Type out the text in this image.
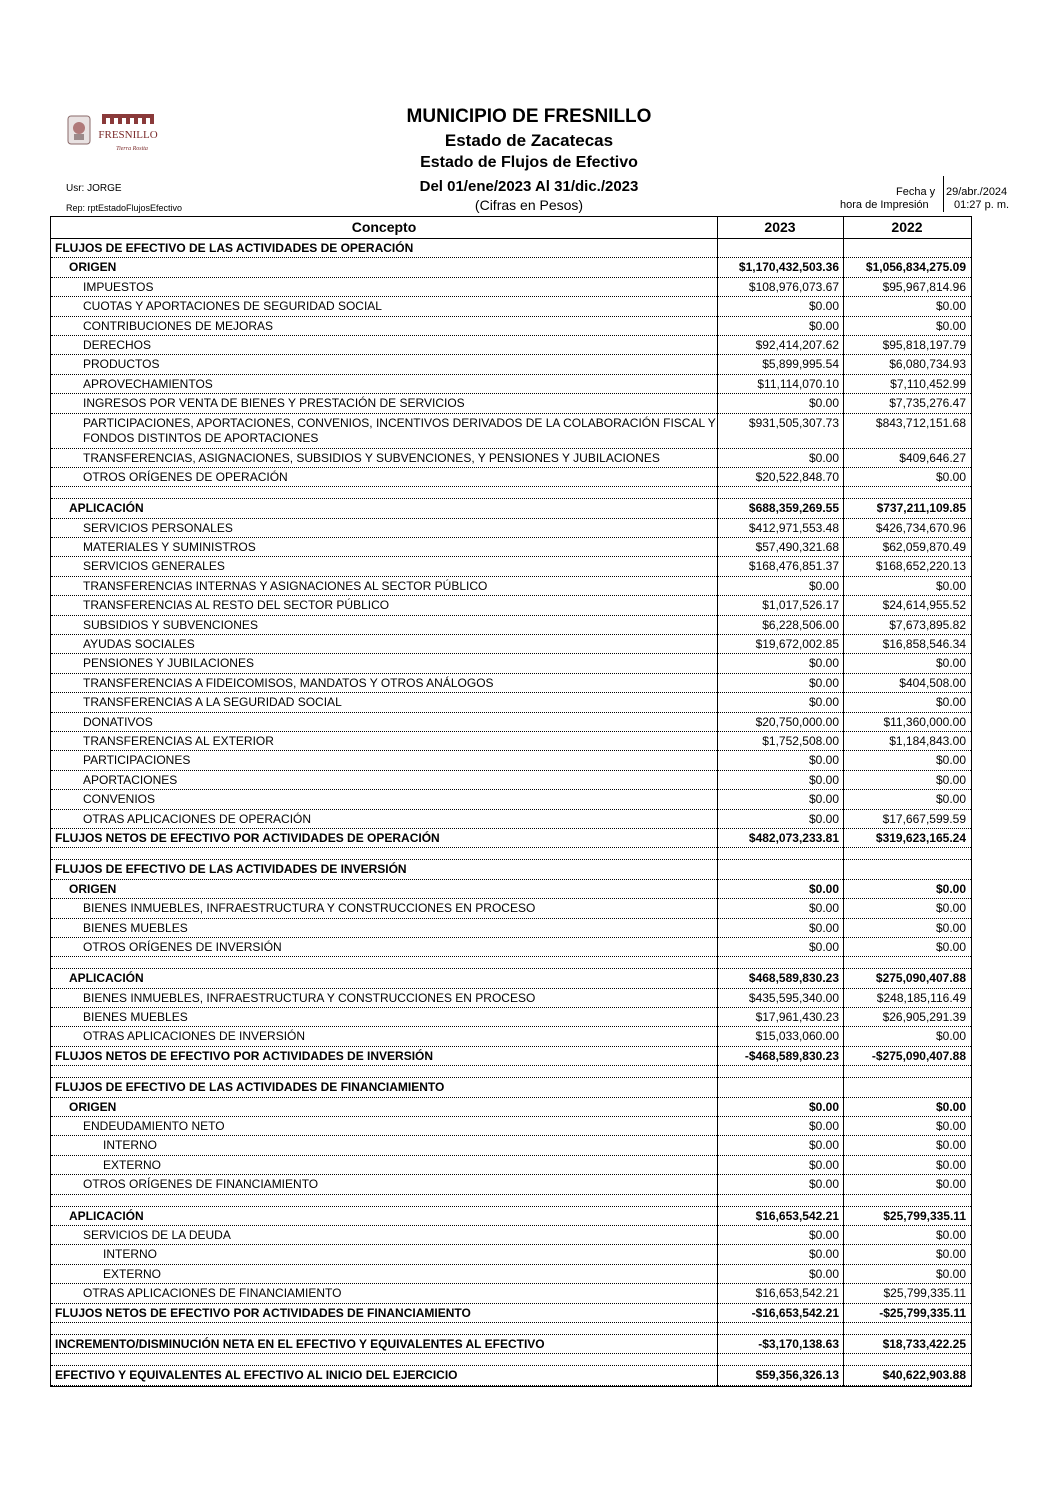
FRESNILLO
Tierra Rosita
MUNICIPIO DE FRESNILLO
Estado de Zacatecas
Estado de Flujos de Efectivo
Del 01/ene/2023 Al 31/dic./2023
(Cifras en Pesos)
Usr: JORGE
Rep: rptEstadoFlujosEfectivo
Fecha y
hora de Impresión
29/abr./2024
01:27 p. m.
Concepto	2023	2022
FLUJOS DE EFECTIVO DE LAS ACTIVIDADES DE OPERACIÓN
ORIGEN	$1,170,432,503.36	$1,056,834,275.09
IMPUESTOS	$108,976,073.67	$95,967,814.96
CUOTAS Y APORTACIONES DE SEGURIDAD SOCIAL	$0.00	$0.00
CONTRIBUCIONES DE MEJORAS	$0.00	$0.00
DERECHOS	$92,414,207.62	$95,818,197.79
PRODUCTOS	$5,899,995.54	$6,080,734.93
APROVECHAMIENTOS	$11,114,070.10	$7,110,452.99
INGRESOS POR VENTA DE BIENES Y PRESTACIÓN DE SERVICIOS	$0.00	$7,735,276.47
PARTICIPACIONES, APORTACIONES, CONVENIOS, INCENTIVOS DERIVADOS DE LA COLABORACIÓN FISCAL Y FONDOS DISTINTOS DE APORTACIONES
$931,505,307.73	$843,712,151.68
TRANSFERENCIAS, ASIGNACIONES, SUBSIDIOS Y SUBVENCIONES, Y PENSIONES Y JUBILACIONES	$0.00	$409,646.27
OTROS ORÍGENES DE OPERACIÓN	$20,522,848.70	$0.00
APLICACIÓN	$688,359,269.55	$737,211,109.85
SERVICIOS PERSONALES	$412,971,553.48	$426,734,670.96
MATERIALES Y SUMINISTROS	$57,490,321.68	$62,059,870.49
SERVICIOS GENERALES	$168,476,851.37	$168,652,220.13
TRANSFERENCIAS INTERNAS Y ASIGNACIONES AL SECTOR PÚBLICO	$0.00	$0.00
TRANSFERENCIAS AL RESTO DEL SECTOR PÚBLICO	$1,017,526.17	$24,614,955.52
SUBSIDIOS Y SUBVENCIONES	$6,228,506.00	$7,673,895.82
AYUDAS SOCIALES	$19,672,002.85	$16,858,546.34
PENSIONES Y JUBILACIONES	$0.00	$0.00
TRANSFERENCIAS A FIDEICOMISOS, MANDATOS Y OTROS ANÁLOGOS	$0.00	$404,508.00
TRANSFERENCIAS A LA SEGURIDAD SOCIAL	$0.00	$0.00
DONATIVOS	$20,750,000.00	$11,360,000.00
TRANSFERENCIAS AL EXTERIOR	$1,752,508.00	$1,184,843.00
PARTICIPACIONES	$0.00	$0.00
APORTACIONES	$0.00	$0.00
CONVENIOS	$0.00	$0.00
OTRAS APLICACIONES DE OPERACIÓN	$0.00	$17,667,599.59
FLUJOS NETOS DE EFECTIVO POR ACTIVIDADES DE OPERACIÓN	$482,073,233.81	$319,623,165.24
FLUJOS DE EFECTIVO DE LAS ACTIVIDADES DE INVERSIÓN
ORIGEN	$0.00	$0.00
BIENES INMUEBLES, INFRAESTRUCTURA Y CONSTRUCCIONES EN PROCESO	$0.00	$0.00
BIENES MUEBLES	$0.00	$0.00
OTROS ORÍGENES DE INVERSIÓN	$0.00	$0.00
APLICACIÓN	$468,589,830.23	$275,090,407.88
BIENES INMUEBLES, INFRAESTRUCTURA Y CONSTRUCCIONES EN PROCESO	$435,595,340.00	$248,185,116.49
BIENES MUEBLES	$17,961,430.23	$26,905,291.39
OTRAS APLICACIONES DE INVERSIÓN	$15,033,060.00	$0.00
FLUJOS NETOS DE EFECTIVO POR ACTIVIDADES DE INVERSIÓN	-$468,589,830.23	-$275,090,407.88
FLUJOS DE EFECTIVO DE LAS ACTIVIDADES DE FINANCIAMIENTO
ORIGEN	$0.00	$0.00
ENDEUDAMIENTO NETO	$0.00	$0.00
INTERNO	$0.00	$0.00
EXTERNO	$0.00	$0.00
OTROS ORÍGENES DE FINANCIAMIENTO	$0.00	$0.00
APLICACIÓN	$16,653,542.21	$25,799,335.11
SERVICIOS DE LA DEUDA	$0.00	$0.00
INTERNO	$0.00	$0.00
EXTERNO	$0.00	$0.00
OTRAS APLICACIONES DE FINANCIAMIENTO	$16,653,542.21	$25,799,335.11
FLUJOS NETOS DE EFECTIVO POR ACTIVIDADES DE FINANCIAMIENTO	-$16,653,542.21	-$25,799,335.11
INCREMENTO/DISMINUCIÓN NETA EN EL EFECTIVO Y EQUIVALENTES AL EFECTIVO	-$3,170,138.63	$18,733,422.25
EFECTIVO Y EQUIVALENTES AL EFECTIVO AL INICIO DEL EJERCICIO	$59,356,326.13	$40,622,903.88
